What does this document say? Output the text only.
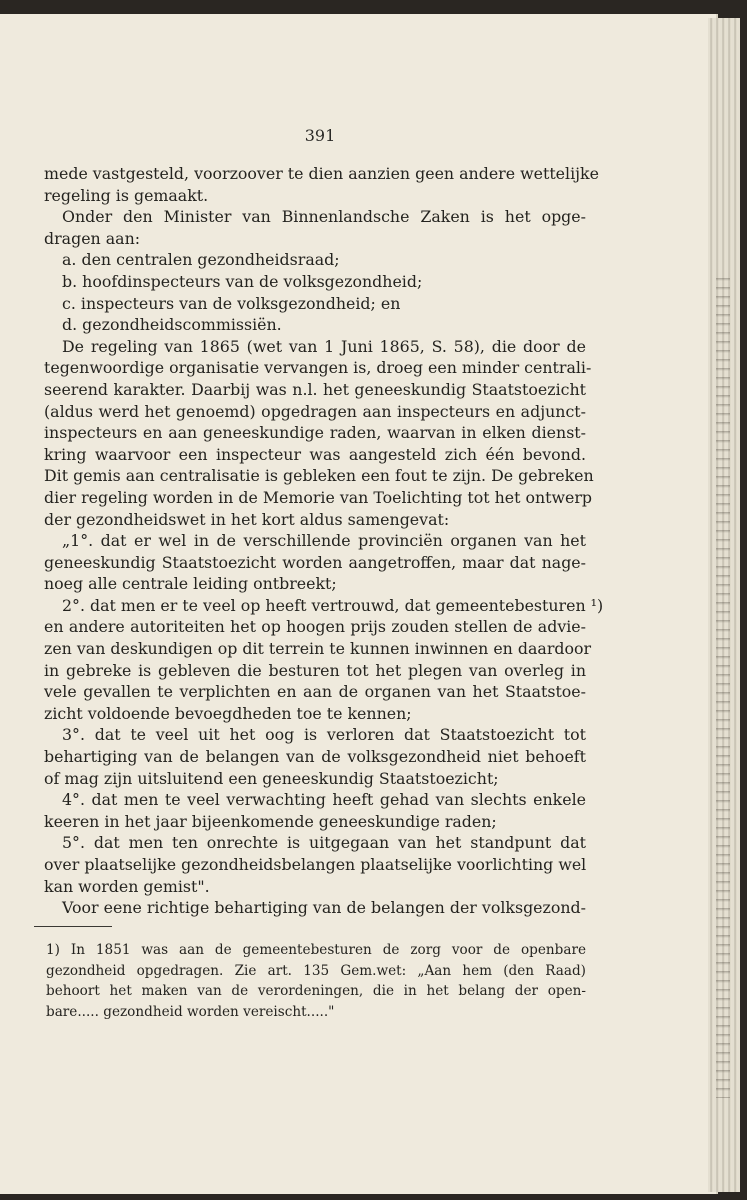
391
mede vastgesteld, voorzoover te dien aanzien geen andere wettelijke
regeling is gemaakt.
Onder den Minister van Binnenlandsche Zaken is het opge-
dragen aan:
a. den centralen gezondheidsraad;
b. hoofdinspecteurs van de volksgezondheid;
c. inspecteurs van de volksgezondheid; en
d. gezondheidscommissiën.
De regeling van 1865 (wet van 1 Juni 1865, S. 58), die door de
tegenwoordige organisatie vervangen is, droeg een minder centrali-
seerend karakter. Daarbij was n.l. het geneeskundig Staatstoezicht
(aldus werd het genoemd) opgedragen aan inspecteurs en adjunct-
inspecteurs en aan geneeskundige raden, waarvan in elken dienst-
kring waarvoor een inspecteur was aangesteld zich één bevond.
Dit gemis aan centralisatie is gebleken een fout te zijn. De gebreken
dier regeling worden in de Memorie van Toelichting tot het ontwerp
der gezondheidswet in het kort aldus samengevat:
„1°. dat er wel in de verschillende provinciën organen van het
geneeskundig Staatstoezicht worden aangetroffen, maar dat nage-
noeg alle centrale leiding ontbreekt;
2°. dat men er te veel op heeft vertrouwd, dat gemeentebesturen ¹)
en andere autoriteiten het op hoogen prijs zouden stellen de advie-
zen van deskundigen op dit terrein te kunnen inwinnen en daardoor
in gebreke is gebleven die besturen tot het plegen van overleg in
vele gevallen te verplichten en aan de organen van het Staatstoe-
zicht voldoende bevoegdheden toe te kennen;
3°. dat te veel uit het oog is verloren dat Staatstoezicht tot
behartiging van de belangen van de volksgezondheid niet behoeft
of mag zijn uitsluitend een geneeskundig Staatstoezicht;
4°. dat men te veel verwachting heeft gehad van slechts enkele
keeren in het jaar bijeenkomende geneeskundige raden;
5°. dat men ten onrechte is uitgegaan van het standpunt dat
over plaatselijke gezondheidsbelangen plaatselijke voorlichting wel
kan worden gemist".
Voor eene richtige behartiging van de belangen der volksgezond-
1) In 1851 was aan de gemeentebesturen de zorg voor de openbare
gezondheid opgedragen. Zie art. 135 Gem.wet: „Aan hem (den Raad)
behoort het maken van de verordeningen, die in het belang der open-
bare..... gezondheid worden vereischt....."
